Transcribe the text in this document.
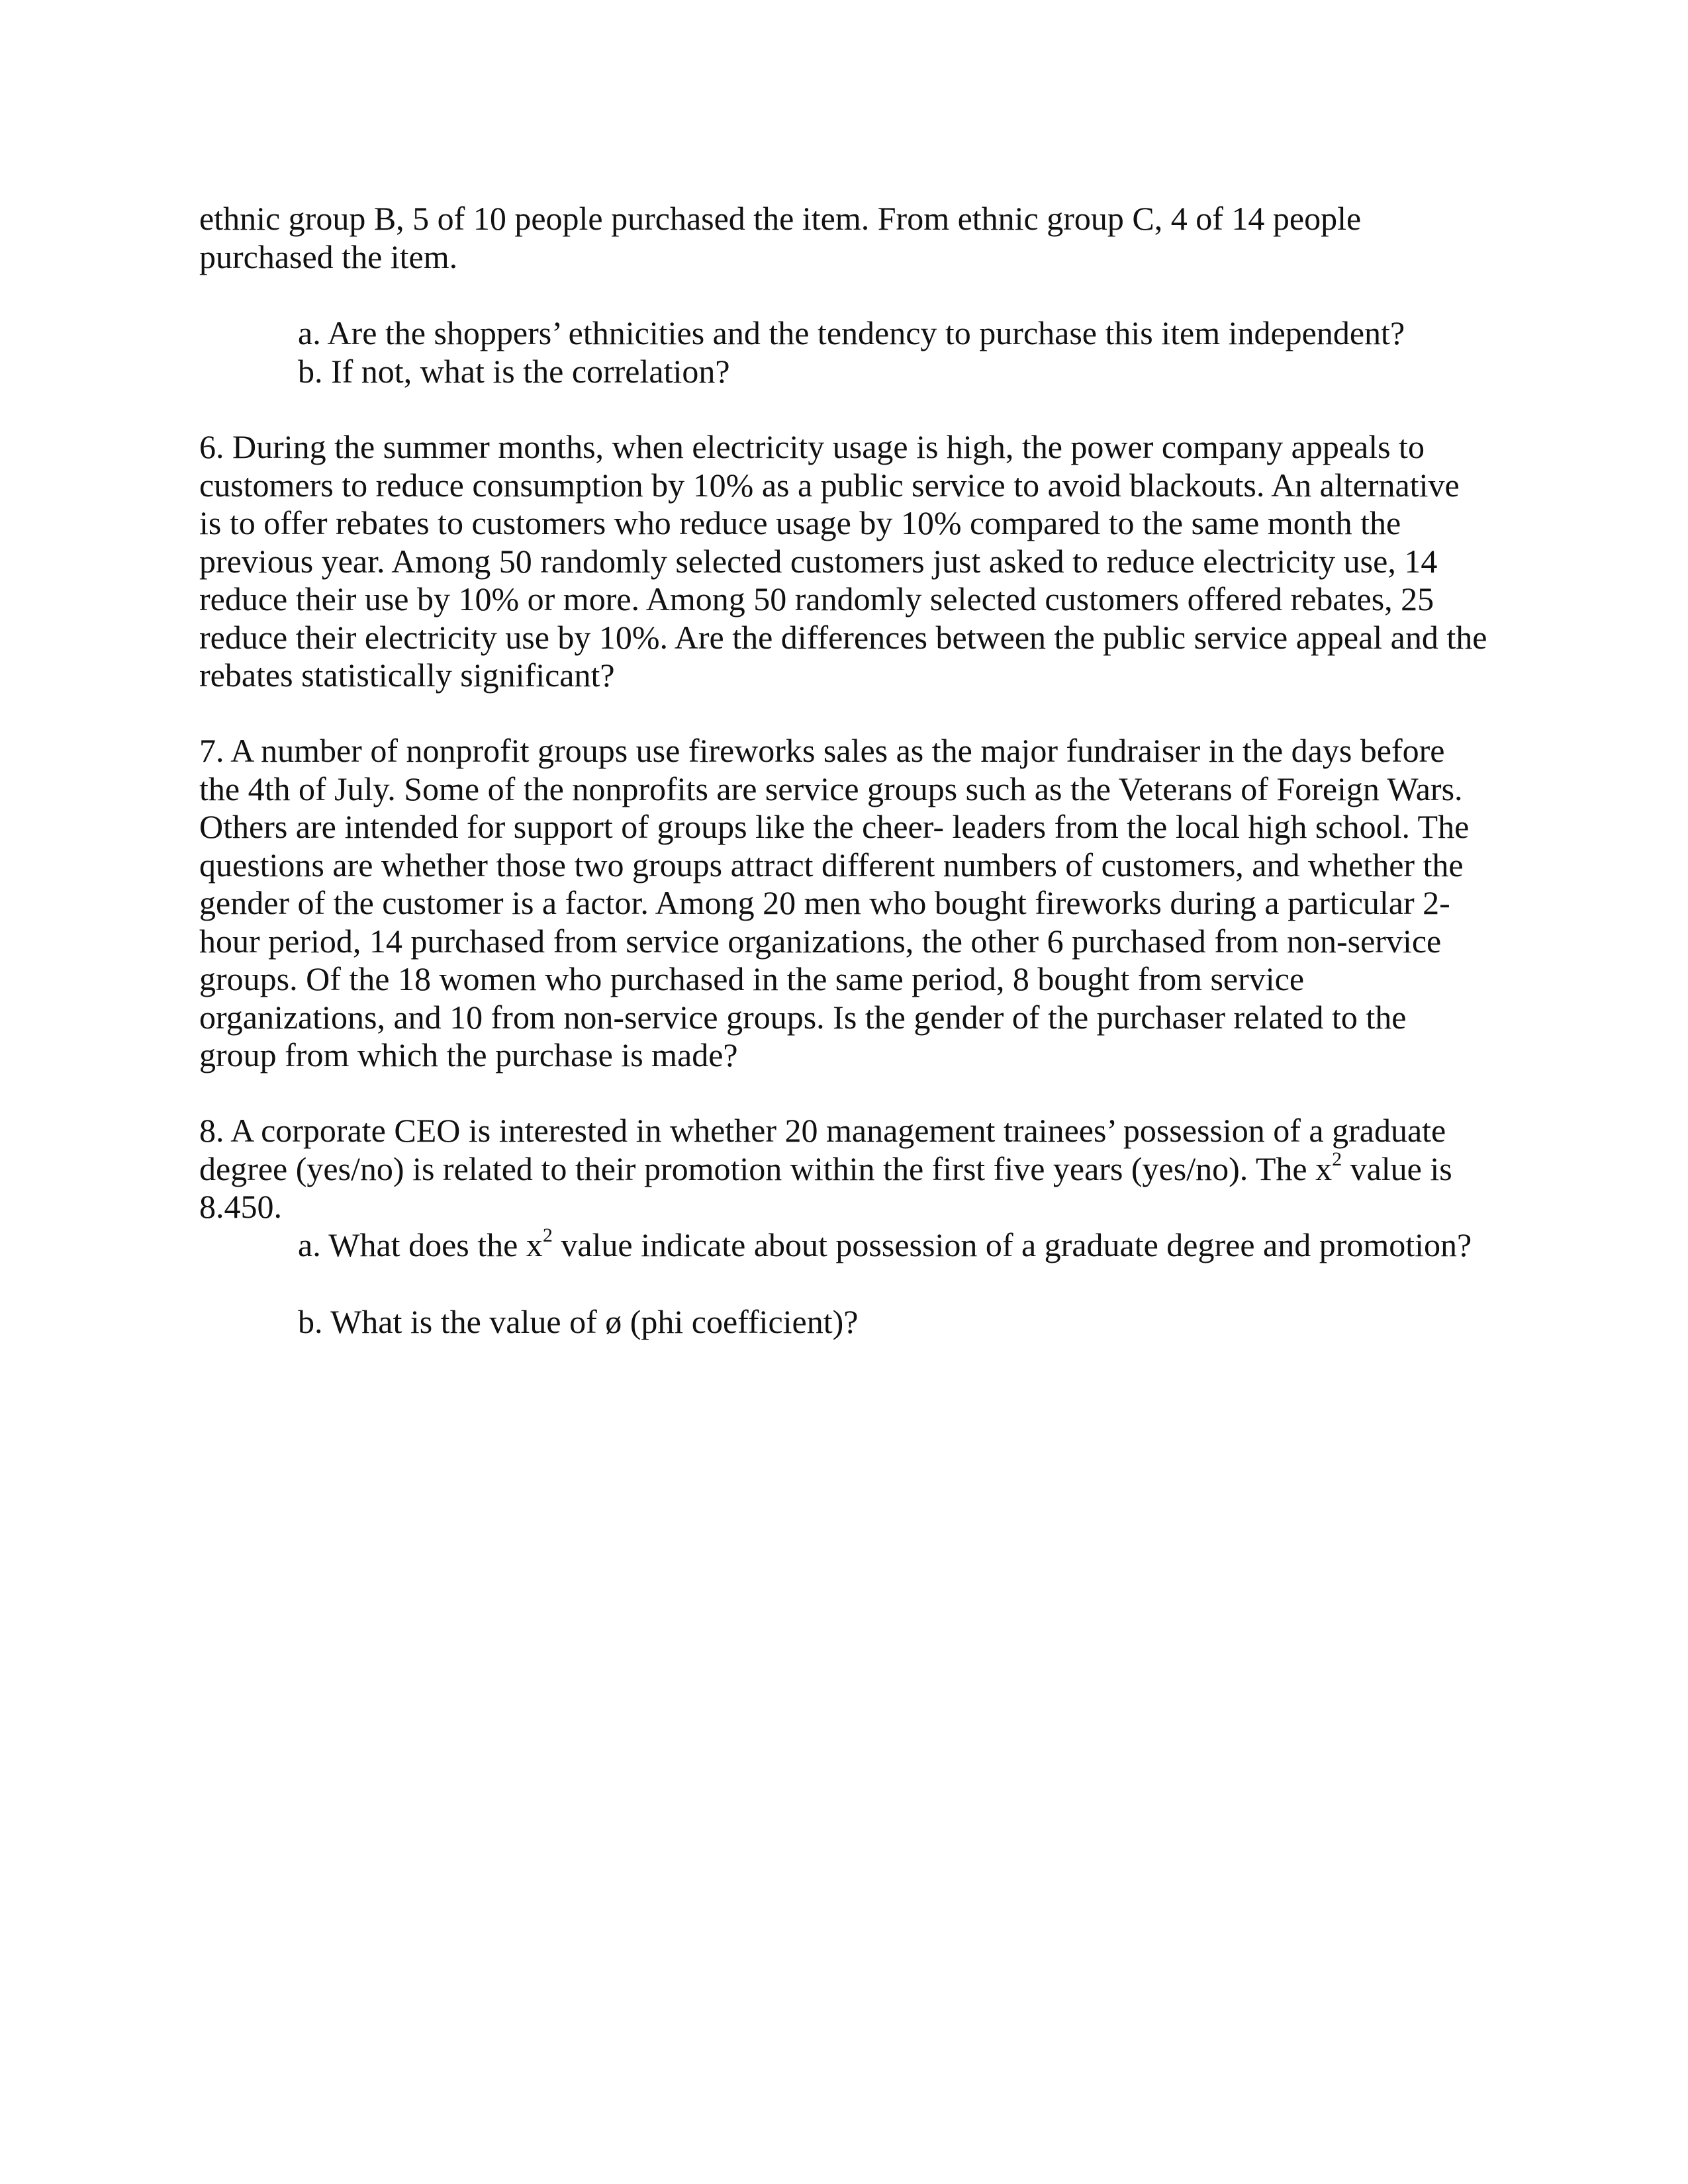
ethnic group B, 5 of 10 people purchased the item. From ethnic group C, 4 of 14 people
purchased the item.
a. Are the shoppers’ ethnicities and the tendency to purchase this item independent?
b. If not, what is the correlation?
6. During the summer months, when electricity usage is high, the power company appeals to
customers to reduce consumption by 10% as a public service to avoid blackouts. An alternative
is to offer rebates to customers who reduce usage by 10% compared to the same month the
previous year. Among 50 randomly selected customers just asked to reduce electricity use, 14
reduce their use by 10% or more. Among 50 randomly selected customers offered rebates, 25
reduce their electricity use by 10%. Are the differences between the public service appeal and the
rebates statistically significant?
7. A number of nonprofit groups use fireworks sales as the major fundraiser in the days before
the 4th of July. Some of the nonprofits are service groups such as the Veterans of Foreign Wars.
Others are intended for support of groups like the cheer- leaders from the local high school. The
questions are whether those two groups attract different numbers of customers, and whether the
gender of the customer is a factor. Among 20 men who bought fireworks during a particular 2-
hour period, 14 purchased from service organizations, the other 6 purchased from non-service
groups. Of the 18 women who purchased in the same period, 8 bought from service
organizations, and 10 from non-service groups. Is the gender of the purchaser related to the
group from which the purchase is made?
8. A corporate CEO is interested in whether 20 management trainees’ possession of a graduate
degree (yes/no) is related to their promotion within the first five years (yes/no). The $x^2$ value is
8.450.
a. What does the $x^2$ value indicate about possession of a graduate degree and promotion?
b. What is the value of ø (phi coefficient)?
